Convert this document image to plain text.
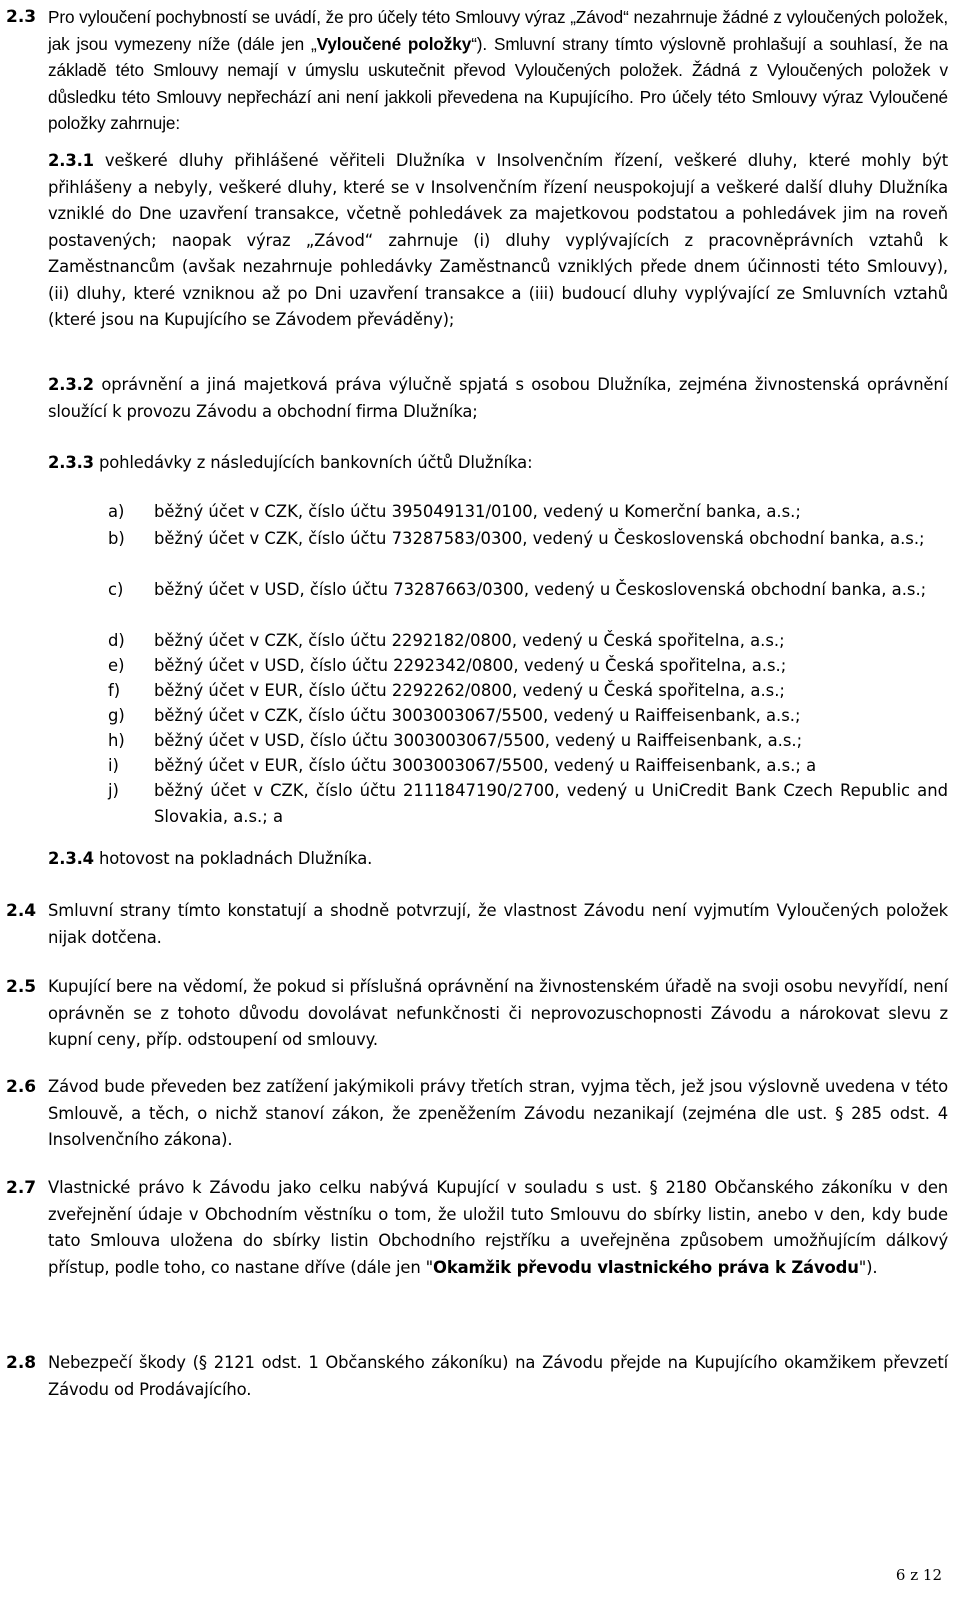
2.3 Pro vyloučení pochybností se uvádí, že pro účely této Smlouvy výraz „Závod“ nezahrnuje žádné z vyloučených položek, jak jsou vymezeny níže (dále jen „Vyloučené položky“). Smluvní strany tímto výslovně prohlašují a souhlasí, že na základě této Smlouvy nemají v úmyslu uskutečnit převod Vyloučených položek. Žádná z Vyloučených položek v důsledku této Smlouvy nepřechází ani není jakkoli převedena na Kupujícího. Pro účely této Smlouvy výraz Vyloučené položky zahrnuje:
2.3.1 veškeré dluhy přihlášené věřiteli Dlužníka v Insolvenčním řízení, veškeré dluhy, které mohly být přihlášeny a nebyly, veškeré dluhy, které se v Insolvenčním řízení neuspokojují a veškeré další dluhy Dlužníka vzniklé do Dne uzavření transakce, včetně pohledávek za majetkovou podstatou a pohledávek jim na roveň postavených; naopak výraz „Závod“ zahrnuje (i) dluhy vyplývajících z pracovněprávních vztahů k Zaměstnancům (avšak nezahrnuje pohledávky Zaměstnanců vzniklých přede dnem účinnosti této Smlouvy), (ii) dluhy, které vzniknou až po Dni uzavření transakce a (iii) budoucí dluhy vyplývající ze Smluvních vztahů (které jsou na Kupujícího se Závodem převáděny);
2.3.2 oprávnění a jiná majetková práva výlučně spjatá s osobou Dlužníka, zejména živnostenská oprávnění sloužící k provozu Závodu a obchodní firma Dlužníka;
2.3.3 pohledávky z následujících bankovních účtů Dlužníka:
a) běžný účet v CZK, číslo účtu 395049131/0100, vedený u Komerční banka, a.s.;
b) běžný účet v CZK, číslo účtu 73287583/0300, vedený u Československá obchodní banka, a.s.;
c) běžný účet v USD, číslo účtu 73287663/0300, vedený u Československá obchodní banka, a.s.;
d) běžný účet v CZK, číslo účtu 2292182/0800, vedený u Česká spořitelna, a.s.;
e) běžný účet v USD, číslo účtu 2292342/0800, vedený u Česká spořitelna, a.s.;
f) běžný účet v EUR, číslo účtu 2292262/0800, vedený u Česká spořitelna, a.s.;
g) běžný účet v CZK, číslo účtu 3003003067/5500, vedený u Raiffeisenbank, a.s.;
h) běžný účet v USD, číslo účtu 3003003067/5500, vedený u Raiffeisenbank, a.s.;
i) běžný účet v EUR, číslo účtu 3003003067/5500, vedený u Raiffeisenbank, a.s.; a
j) běžný účet v CZK, číslo účtu 2111847190/2700, vedený u UniCredit Bank Czech Republic and Slovakia, a.s.; a
2.3.4 hotovost na pokladnách Dlužníka.
2.4 Smluvní strany tímto konstatují a shodně potvrzují, že vlastnost Závodu není vyjmutím Vyloučených položek nijak dotčena.
2.5 Kupující bere na vědomí, že pokud si příslušná oprávnění na živnostenském úřadě na svoji osobu nevyřídí, není oprávněn se z tohoto důvodu dovolávat nefunkčnosti či neprovozuschopnosti Závodu a nárokovat slevu z kupní ceny, příp. odstoupení od smlouvy.
2.6 Závod bude převeden bez zatížení jakýmikoli právy třetích stran, vyjma těch, jež jsou výslovně uvedena v této Smlouvě, a těch, o nichž stanoví zákon, že zpeněžením Závodu nezanikají (zejména dle ust. § 285 odst. 4 Insolvenčního zákona).
2.7 Vlastnické právo k Závodu jako celku nabývá Kupující v souladu s ust. § 2180 Občanského zákoníku v den zveřejnění údaje v Obchodním věstníku o tom, že uložil tuto Smlouvu do sbírky listin, anebo v den, kdy bude tato Smlouva uložena do sbírky listin Obchodního rejstříku a uveřejněna způsobem umožňujícím dálkový přístup, podle toho, co nastane dříve (dále jen "Okamžik převodu vlastnického práva k Závodu").
2.8 Nebezpečí škody (§ 2121 odst. 1 Občanského zákoníku) na Závodu přejde na Kupujícího okamžikem převzetí Závodu od Prodávajícího.
6 z 12
